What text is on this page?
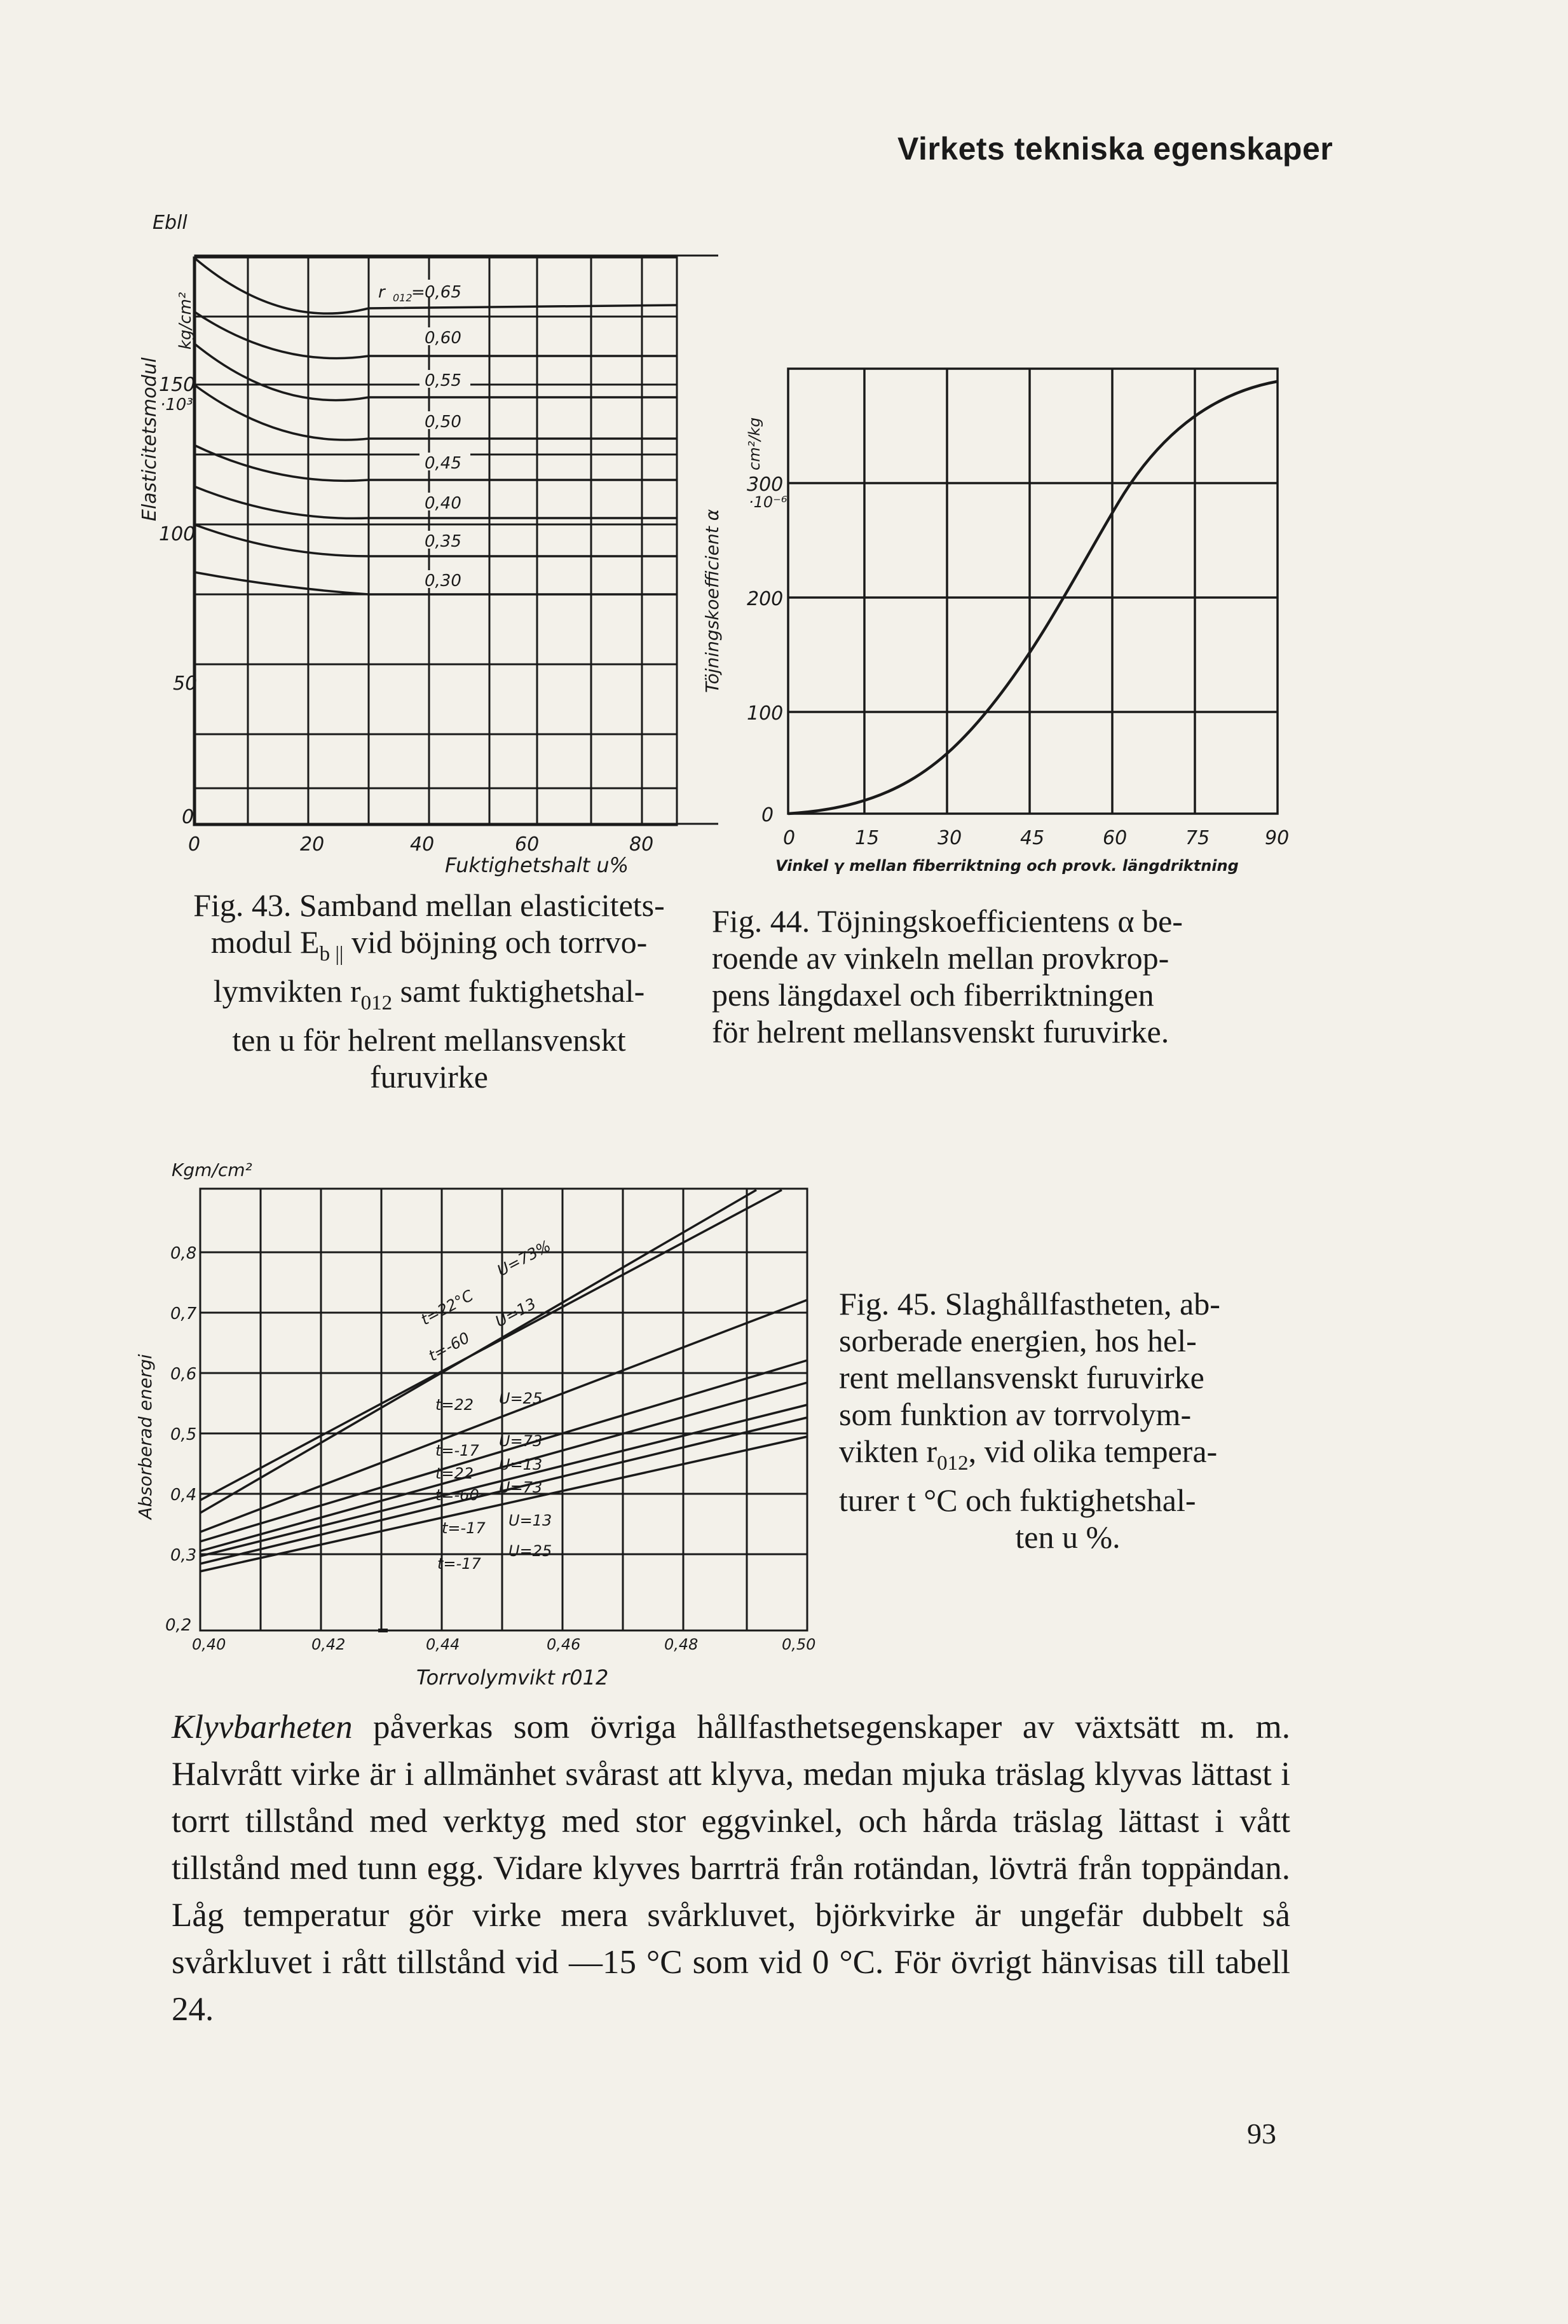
Virkets tekniska egenskaper
r 012
= 0,65
0,60
0,55
0,50
0,45
0,40
0,35
0,30
Ebll
Elasticitetsmodul
kg/cm²
·10³
150
100
50
0
0	20	40	60	80
Fuktighetshalt u%
Fig. 43. Samband mellan elasticitets-
modul $E_{b ||}$ vid böjning och torrvo-
lymvikten $r_{012}$ samt fuktighetshal-
ten u för helrent mellansvenskt
furuvirke
Töjningskoefficient α
cm²/kg
·10⁻⁶
300
200
100
0
0	15	30	45	60	75	90
Vinkel γ mellan fiberriktning och provk. längdriktning
Fig. 44. Töjningskoefficientens α be-
roende av vinkeln mellan provkrop-
pens längdaxel och fiberriktningen
för helrent mellansvenskt furuvirke.
t=22°C
U=73%
t=-60
U=13
U=25
t=22
t=-17
U=73
t=22 U=13
t=-60 U=73
t=-17 U=13
t=-17
U=25
Kgm/cm²
Absorberad energi
0,8
0,7
0,6
0,5
0,4
0,3
0,2
0,40	0,42	0,44	0,46	0,48	0,50
Torrvolymvikt r012
Fig. 45. Slaghållfastheten, ab-
sorberade energien, hos hel-
rent mellansvenskt furuvirke
som funktion av torrvolym-
vikten $r_{012}$, vid olika tempera-
turer t °C och fuktighetshal-
ten u %.
Klyvbarheten påverkas som övriga hållfasthetsegenskaper av växtsätt m. m. Halvrått virke är i allmänhet svårast att klyva, medan mjuka träslag klyvas lättast i torrt tillstånd med verktyg med stor eggvinkel, och hårda träslag lättast i vått tillstånd med tunn egg. Vidare klyves barrträ från rotändan, lövträ från toppändan. Låg temperatur gör virke mera svårkluvet, björkvirke är ungefär dubbelt så svårkluvet i rått tillstånd vid —15 °C som vid 0 °C. För övrigt hänvisas till tabell 24.
93
